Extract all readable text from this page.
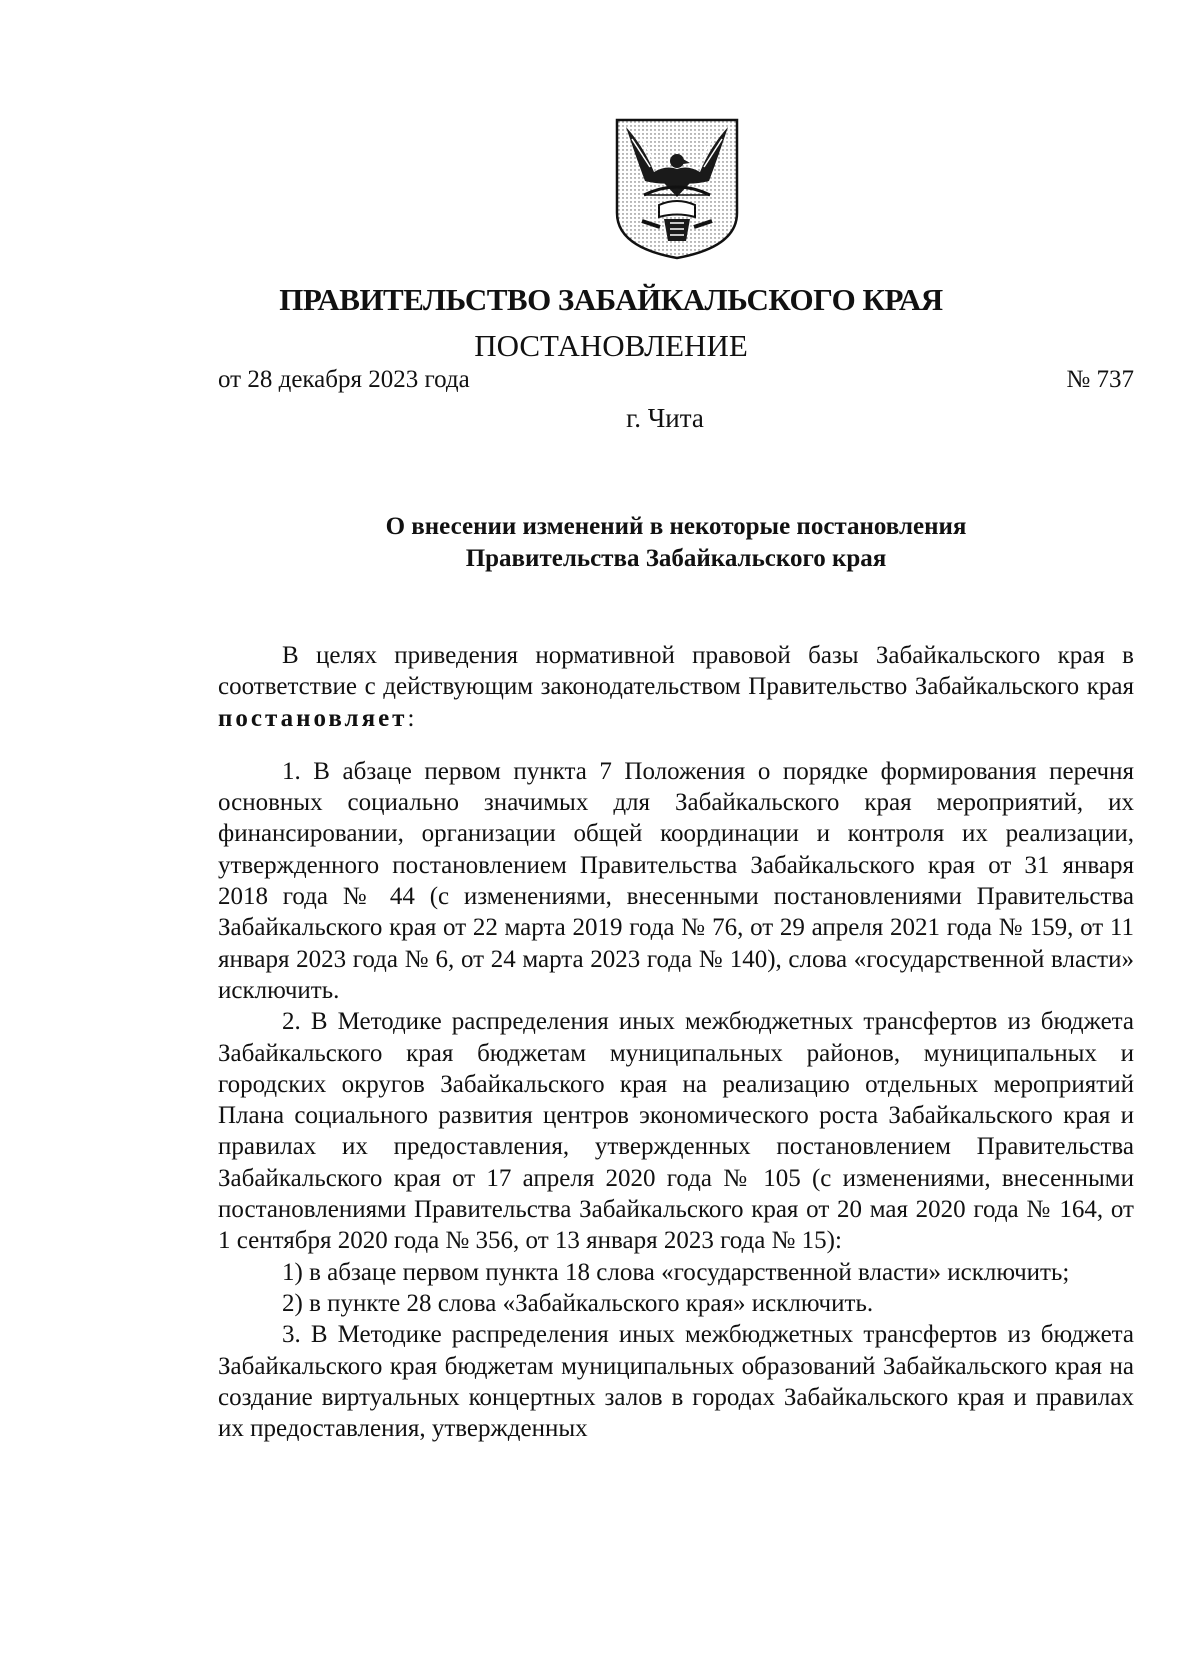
ПРАВИТЕЛЬСТВО ЗАБАЙКАЛЬСКОГО КРАЯ
ПОСТАНОВЛЕНИЕ
от 28 декабря 2023 года	№ 737
г. Чита
О внесении изменений в некоторые постановления
Правительства Забайкальского края

В целях приведения нормативной правовой базы Забайкальского края в соответствие с действующим законодательством Правительство Забайкальского края постановляет:

1. В абзаце первом пункта 7 Положения о порядке формирования перечня основных социально значимых для Забайкальского края мероприятий, их финансировании, организации общей координации и контроля их реализации, утвержденного постановлением Правительства Забайкальского края от 31 января 2018 года № 44 (с изменениями, внесенными постановлениями Правительства Забайкальского края от 22 марта 2019 года № 76, от 29 апреля 2021 года № 159, от 11 января 2023 года № 6, от 24 марта 2023 года № 140), слова «государственной власти» исключить.

2. В Методике распределения иных межбюджетных трансфертов из бюджета Забайкальского края бюджетам муниципальных районов, муниципальных и городских округов Забайкальского края на реализацию отдельных мероприятий Плана социального развития центров экономического роста Забайкальского края и правилах их предоставления, утвержденных постановлением Правительства Забайкальского края от 17 апреля 2020 года № 105 (с изменениями, внесенными постановлениями Правительства Забайкальского края от 20 мая 2020 года № 164, от 1 сентября 2020 года № 356, от 13 января 2023 года № 15):

1) в абзаце первом пункта 18 слова «государственной власти» исключить;

2) в пункте 28 слова «Забайкальского края» исключить.

3. В Методике распределения иных межбюджетных трансфертов из бюджета Забайкальского края бюджетам муниципальных образований Забайкальского края на создание виртуальных концертных залов в городах Забайкальского края и правилах их предоставления, утвержденных
